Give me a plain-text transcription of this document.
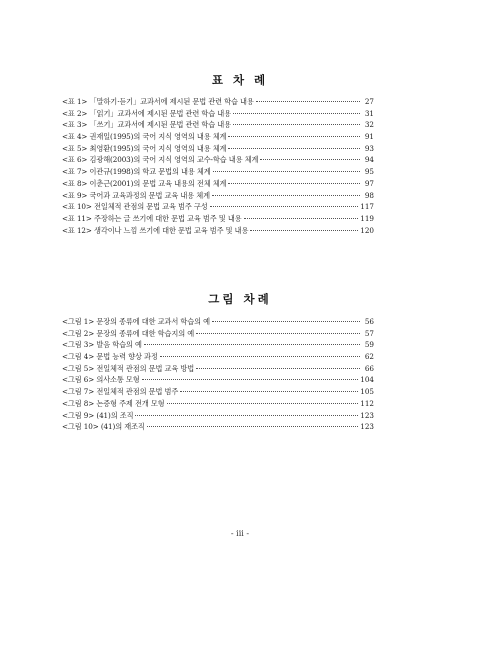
표 차 례
<표 1> 「말하기·듣기」교과서에 제시된 문법 관련 학습 내용	27
<표 2> 「읽기」교과서에 제시된 문법 관련 학습 내용	31
<표 3> 「쓰기」교과서에 제시된 문법 관련 학습 내용	32
<표 4> 권재일(1995)의 국어 지식 영역의 내용 체계	91
<표 5> 최영환(1995)의 국어 지식 영역의 내용 체계	93
<표 6> 김광해(2003)의 국어 지식 영역의 교수-학습 내용 체계	94
<표 7> 이관규(1998)의 학교 문법의 내용 체계	95
<표 8> 이춘근(2001)의 문법 교육 내용의 전체 체계	97
<표 9> 국어과 교육과정의 문법 교육 내용 체계	98
<표 10> 전일체적 관점의 문법 교육 범주 구성	117
<표 11> 주장하는 글 쓰기에 대한 문법 교육 범주 및 내용	119
<표 12> 생각이나 느낌 쓰기에 대한 문법 교육 범주 및 내용	120
그림 차례
<그림 1> 문장의 종류에 대한 교과서 학습의 예	56
<그림 2> 문장의 종류에 대한 학습지의 예	57
<그림 3> 발음 학습의 예	59
<그림 4> 문법 능력 향상 과정	62
<그림 5> 전일체적 관점의 문법 교육 방법	66
<그림 6> 의사소통 모형	104
<그림 7> 전일체적 관점의 문법 범주	105
<그림 8> 논증형 주제 전개 모형	112
<그림 9> (41)의 조직	123
<그림 10> (41)의 재조직	123
- iii -
